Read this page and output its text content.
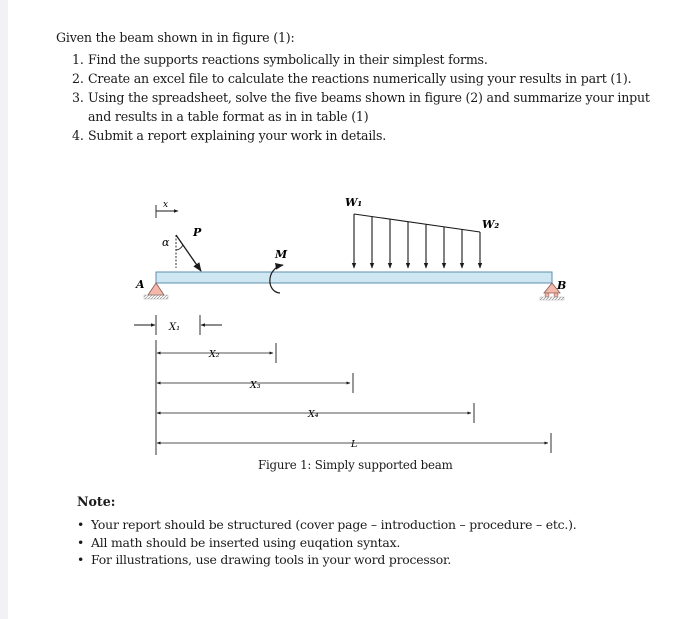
Given the beam shown in in figure (1):
1. Find the supports reactions symbolically in their simplest forms.
2. Create an excel file to calculate the reactions numerically using your results in part (1).
3. Using the spreadsheet, solve the five beams shown in figure (2) and summarize your input and results in a table format as in in table (1)
4. Submit a report explaining your work in details.
A	B
x
P
α
M
W₁
W₂
X₁
X₂
X₃
X₄
L
Figure 1: Simply supported beam
Note:
• Your report should be structured (cover page – introduction – procedure – etc.).
• All math should be inserted using euqation syntax.
• For illustrations, use drawing tools in your word processor.
